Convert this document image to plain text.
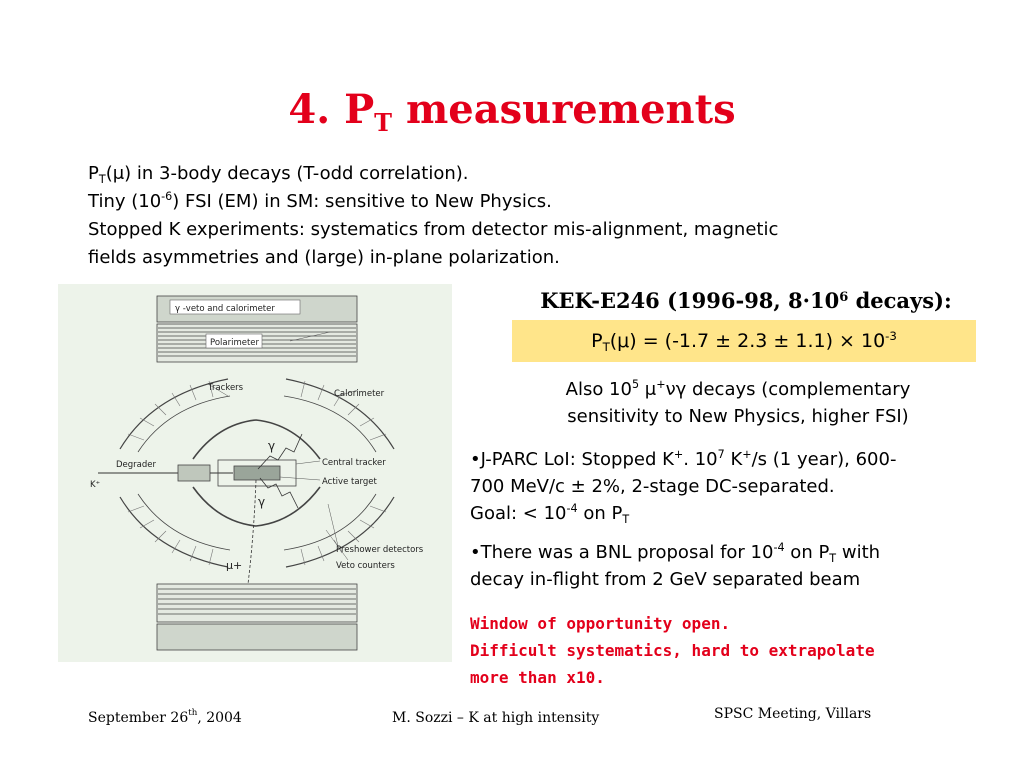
4. $P_T$ measurements
$P_T(\mu)$ in 3-body decays (T-odd correlation).
Tiny $(10^{-6})$ FSI (EM) in SM: sensitive to New Physics.
Stopped K experiments: systematics from detector mis-alignment, magnetic
fields asymmetries and (large) in-plane polarization.
γ -veto and calorimeter
Polarimeter
Trackers
Calorimeter
γ
Degrader
K⁺
Central tracker
Active target
γ
Preshower detectors
Veto counters
μ+
KEK-E246 (1996-98, $8\cdot 10^6$ decays):
$P_T(\mu) = (-1.7 \pm 2.3 \pm 1.1) \times 10^{-3}$
Also $10^5$ μ+νγ decays (complementary
sensitivity to New Physics, higher FSI)

•J-PARC LoI: Stopped K+. $10^7$ K+/s (1 year), 600-
700 MeV/c ± 2%, 2-stage DC-separated.
Goal: < $10^{-4}$ on $P_T$

•There was a BNL proposal for $10^{-4}$ on $P_T$ with
decay in-flight from 2 GeV separated beam

Window of opportunity open.
Difficult systematics, hard to extrapolate
more than x10.
September 26th, 2004	M. Sozzi – K at high intensity	SPSC Meeting, Villars
